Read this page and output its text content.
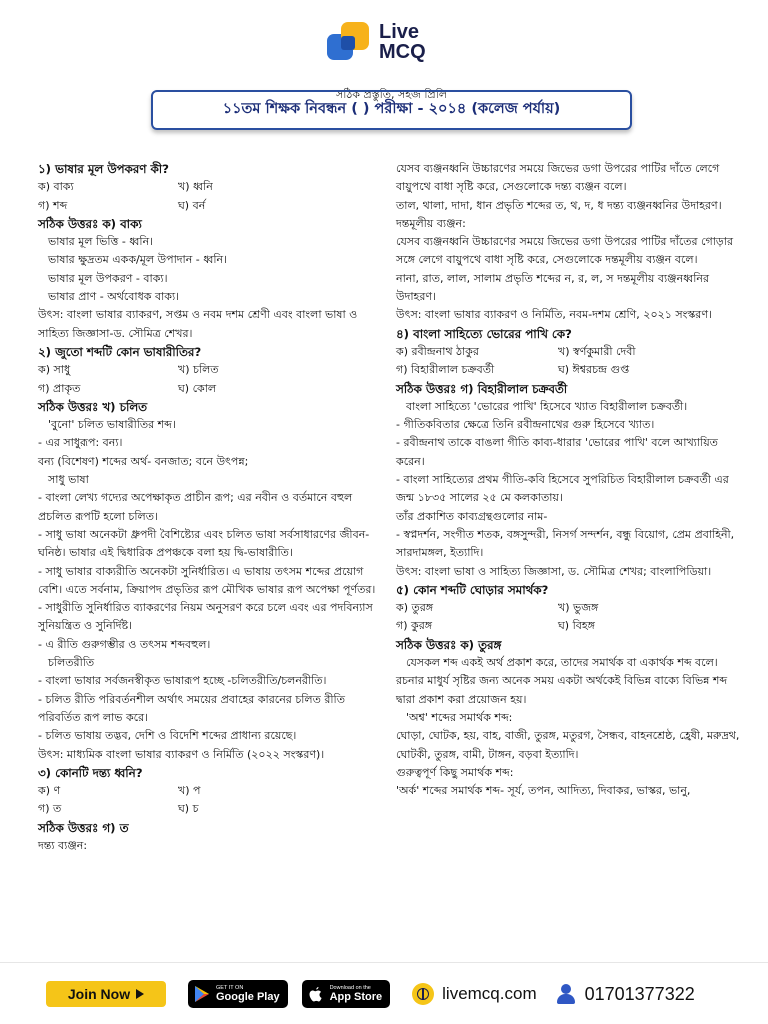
Live
MCQ
সঠিক প্রস্তুতি, সহজ প্রিলি
১১তম শিক্ষক নিবন্ধন ( ) পরীক্ষা - ২০১৪ (কলেজ পর্যায়)
১) ভাষার মূল উপকরণ কী?
ক) বাক্য	খ) ধ্বনি
গ) শব্দ	ঘ) বর্ন
সঠিক উত্তরঃ ক) বাক্য
ভাষার মূল ভিত্তি - ধ্বনি।
ভাষার ক্ষুদ্রতম একক/মূল উপাদান - ধ্বনি।
ভাষার মূল উপকরণ - বাক্য।
ভাষার প্রাণ - অর্থবোধক বাক্য।
উৎস: বাংলা ভাষার ব্যাকরণ, সপ্তম ও নবম দশম শ্রেণী এবং বাংলা ভাষা ও সাহিত্য জিজ্ঞাসা-ড. সৌমিত্র শেখর।
২) জুতো শব্দটি কোন ভাষারীতির?
ক) সাধু	খ) চলিত
গ) প্রাকৃত	ঘ) কোল
সঠিক উত্তরঃ খ) চলিত
'বুনো' চলিত ভাষারীতির শব্দ।
- এর সাধুরূপ: বন্য।
বন্য (বিশেষণ) শব্দের অর্থ- বনজাত; বনে উৎপন্ন;
সাধু ভাষা
- বাংলা লেখ্য গদ্যের অপেক্ষাকৃত প্রাচীন রূপ; এর নবীন ও বর্তমানে বহুল প্রচলিত রূপটি হলো চলিত।
- সাধু ভাষা অনেকটা ধ্রুপদী বৈশিষ্ট্যের এবং চলিত ভাষা সর্বসাধারণের জীবন-ঘনিষ্ঠ। ভাষার এই দ্বিধারিক প্রপঞ্চকে বলা হয় দ্বি-ভাষারীতি।
- সাধু ভাষার বাক্যরীতি অনেকটা সুনির্ধারিত। এ ভাষায় তৎসম শব্দের প্রয়োগ বেশি। এতে সর্বনাম, ক্রিয়াপদ প্রভৃতির রূপ মৌখিক ভাষার রূপ অপেক্ষা পূর্ণতর।
- সাধুরীতি সুনির্ধারিত ব্যাকরণের নিয়ম অনুসরণ করে চলে এবং এর পদবিন্যাস সুনিয়ন্ত্রিত ও সুনির্দিষ্ট।
- এ রীতি গুরুগম্ভীর ও তৎসম শব্দবহুল।
চলিতরীতি
- বাংলা ভাষার সর্বজনস্বীকৃত ভাষারূপ হচ্ছে -চলিতরীতি/চলনরীতি।
- চলিত রীতি পরিবর্তনশীল অর্থাৎ সময়ের প্রবাহের কারনের চলিত রীতি পরিবর্তিত রূপ লাভ করে।
- চলিত ভাষায় তদ্ভব, দেশি ও বিদেশি শব্দের প্রাধান্য রয়েছে।
উৎস: মাধ্যমিক বাংলা ভাষার ব্যাকরণ ও নির্মিতি (২০২২ সংস্করণ)।
৩) কোনটি দন্ত্য ধ্বনি?
ক) ণ	খ) প
গ) ত	ঘ) চ
সঠিক উত্তরঃ গ) ত
দন্ত্য ব্যঞ্জন:
যেসব ব্যঞ্জনধ্বনি উচ্চারণের সময়ে জিভের ডগা উপরের পাটির দাঁতে লেগে বায়ুপথে বাধা সৃষ্টি করে, সেগুলোকে দন্ত্য ব্যঞ্জন বলে।
তাল, থালা, দাদা, ধান প্রভৃতি শব্দের ত, থ, দ, ধ দন্ত্য ব্যঞ্জনধ্বনির উদাহরণ।
দন্তমূলীয় ব্যঞ্জন:
যেসব ব্যঞ্জনধ্বনি উচ্চারণের সময়ে জিভের ডগা উপরের পাটির দাঁতের গোড়ার সঙ্গে লেগে বায়ুপথে বাধা সৃষ্টি করে, সেগুলোকে দন্তমূলীয় ব্যঞ্জন বলে।
নানা, রাত, লাল, সালাম প্রভৃতি শব্দের ন, র, ল, স দন্তমূলীয় ব্যঞ্জনধ্বনির উদাহরণ।
উৎস: বাংলা ভাষার ব্যাকরণ ও নির্মিতি, নবম-দশম শ্রেণি, ২০২১ সংস্করণ।
৪) বাংলা সাহিত্যে ভোরের পাখি কে?
ক) রবীন্দ্রনাথ ঠাকুর	খ) স্বর্ণকুমারী দেবী
গ) বিহারীলাল চক্রবর্তী	ঘ) ঈশ্বরচন্দ্র গুপ্ত
সঠিক উত্তরঃ গ) বিহারীলাল চক্রবর্তী
বাংলা সাহিত্যে 'ভোরের পাখি' হিসেবে খ্যাত বিহারীলাল চক্রবর্তী।
- গীতিকবিতার ক্ষেত্রে তিনি রবীন্দ্রনাথের গুরু হিসেবে খ্যাত।
- রবীন্দ্রনাথ তাকে বাঙলা গীতি কাব্য-ধারার 'ভোরের পাখি' বলে আখ্যায়িত করেন।
- বাংলা সাহিত্যের প্রথম গীতি-কবি হিসেবে সুপরিচিত বিহারীলাল চক্রবর্তী এর জন্ম ১৮৩৫ সালের ২৫ মে কলকাতায়।
তাঁর প্রকাশিত কাব্যগ্রন্থগুলোর নাম-
- স্বপ্নদর্শন, সংগীত শতক, বঙ্গসুন্দরী, নিসর্গ সন্দর্শন, বন্ধু বিয়োগ, প্রেম প্রবাহিনী, সারদামঙ্গল, ইত্যাদি।
উৎস: বাংলা ভাষা ও সাহিত্য জিজ্ঞাসা, ড. সৌমিত্র শেখর; বাংলাপিডিয়া।
৫) কোন শব্দটি ঘোড়ার সমার্থক?
ক) তুরঙ্গ	খ) ভুজঙ্গ
গ) কুরঙ্গ	ঘ) বিহঙ্গ
সঠিক উত্তরঃ ক) তুরঙ্গ
যেসকল শব্দ একই অর্থ প্রকাশ করে, তাদের সমার্থক বা একার্থক শব্দ বলে।
রচনার মাধুর্য সৃষ্টির জন্য অনেক সময় একটা অর্থকেই বিভিন্ন বাক্যে বিভিন্ন শব্দ দ্বারা প্রকাশ করা প্রয়োজন হয়।
'অশ্ব' শব্দের সমার্থক শব্দ:
ঘোড়া, ঘোটক, হয়, বাহ, বাজী, তুরঙ্গ, মতুরগ, সৈন্ধব, বাহনশ্রেষ্ঠ, হ্রেষী, মরুদ্রথ, ঘোটকী, তুরঙ্গ, বামী, টাঙ্গন, বড়বা ইত্যাদি।
গুরুত্বপূর্ণ কিছু সমার্থক শব্দ:
'অর্ক' শব্দের সমার্থক শব্দ- সূর্য, তপন, আদিত্য, দিবাকর, ভাস্কর, ভানু,
Join Now	GET IT ON
Google Play
Download on the
App Store	livemcq.com	01701377322
